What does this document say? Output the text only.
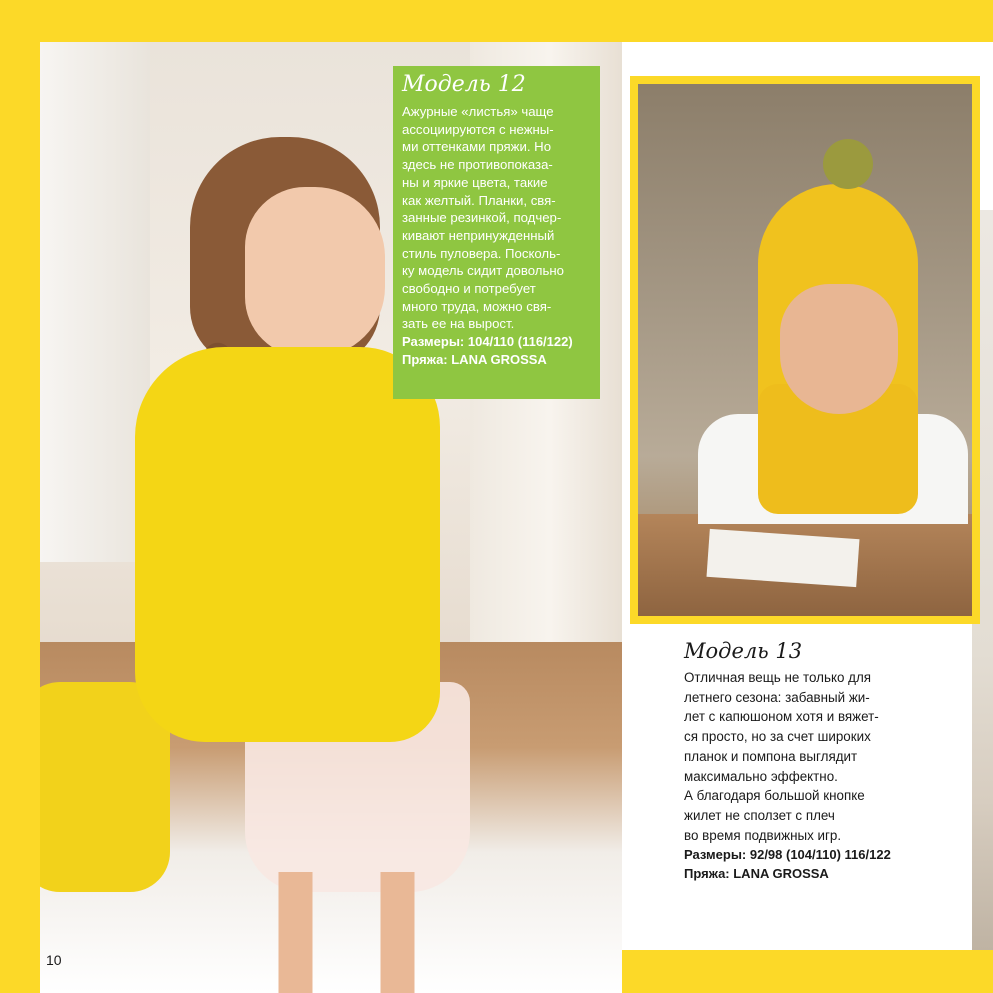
10
Модель 12
Ажурные «листья» чаще
ассоциируются с нежны-
ми оттенками пряжи. Но
здесь не противопоказа-
ны и яркие цвета, такие
как желтый. Планки, свя-
занные резинкой, подчер-
кивают непринужденный
стиль пуловера. Посколь-
ку модель сидит довольно
свободно и потребует
много труда, можно свя-
зать ее на вырост.
Размеры: 104/110 (116/122)
Пряжа: LANA GROSSA
Модель 13
Отличная вещь не только для
летнего сезона: забавный жи-
лет с капюшоном хотя и вяжет-
ся просто, но за счет широких
планок и помпона выглядит
максимально эффектно.
А благодаря большой кнопке
жилет не сползет с плеч
во время подвижных игр.
Размеры: 92/98 (104/110) 116/122
Пряжа: LANA GROSSA
